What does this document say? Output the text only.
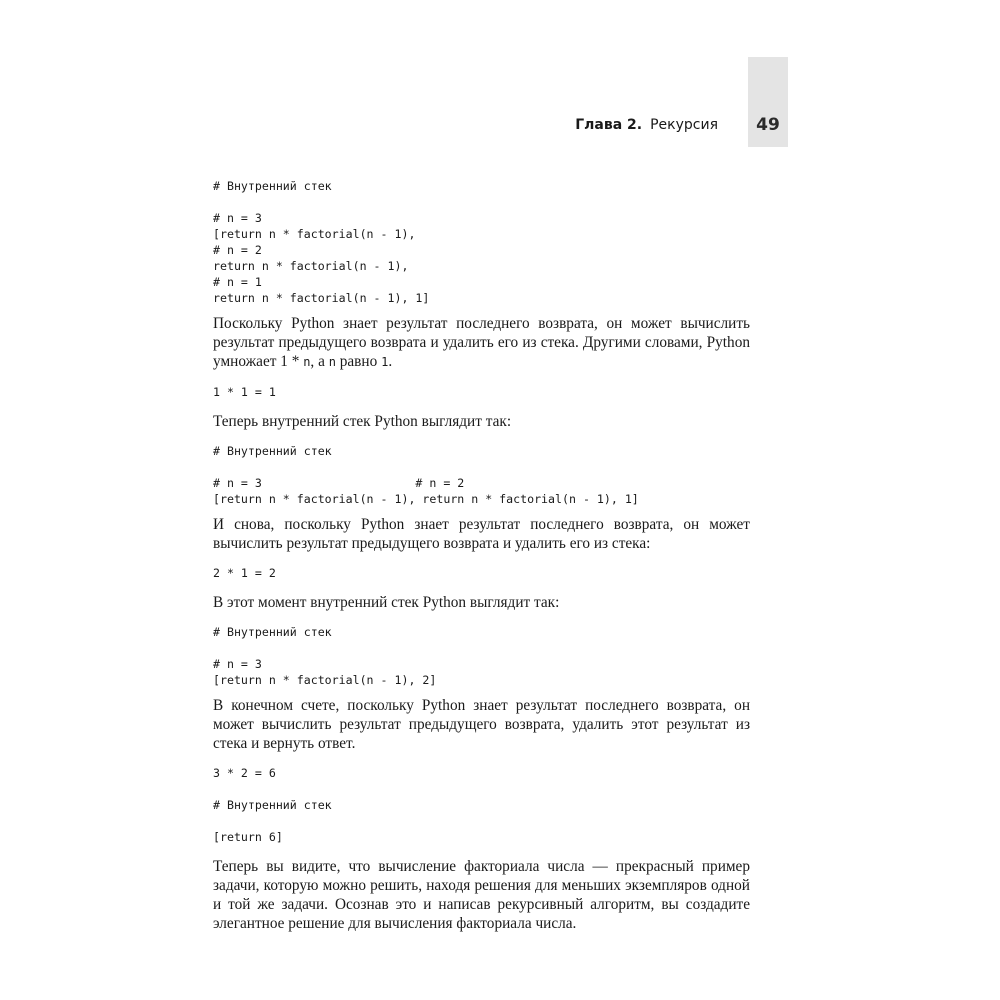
49
Глава 2. Рекурсия
# Внутренний стек

# n = 3
[return n * factorial(n - 1),
# n = 2
return n * factorial(n - 1),
# n = 1
return n * factorial(n - 1), 1]

Поскольку Python знает результат последнего возврата, он может вычислить результат предыдущего возврата и удалить его из стека. Другими словами, Python умножает 1 * n, а n равно 1.

1 * 1 = 1

Теперь внутренний стек Python выглядит так:

# Внутренний стек

# n = 3                      # n = 2
[return n * factorial(n - 1), return n * factorial(n - 1), 1]

И снова, поскольку Python знает результат последнего возврата, он может вычислить результат предыдущего возврата и удалить его из стека:

2 * 1 = 2

В этот момент внутренний стек Python выглядит так:

# Внутренний стек

# n = 3
[return n * factorial(n - 1), 2]

В конечном счете, поскольку Python знает результат последнего возврата, он может вычислить результат предыдущего возврата, удалить этот результат из стека и вернуть ответ.

3 * 2 = 6
# Внутренний стек
[return 6]

Теперь вы видите, что вычисление факториала числа — прекрасный пример задачи, которую можно решить, находя решения для меньших экземпляров одной и той же задачи. Осознав это и написав рекурсивный алгоритм, вы создадите элегантное решение для вычисления факториала числа.
